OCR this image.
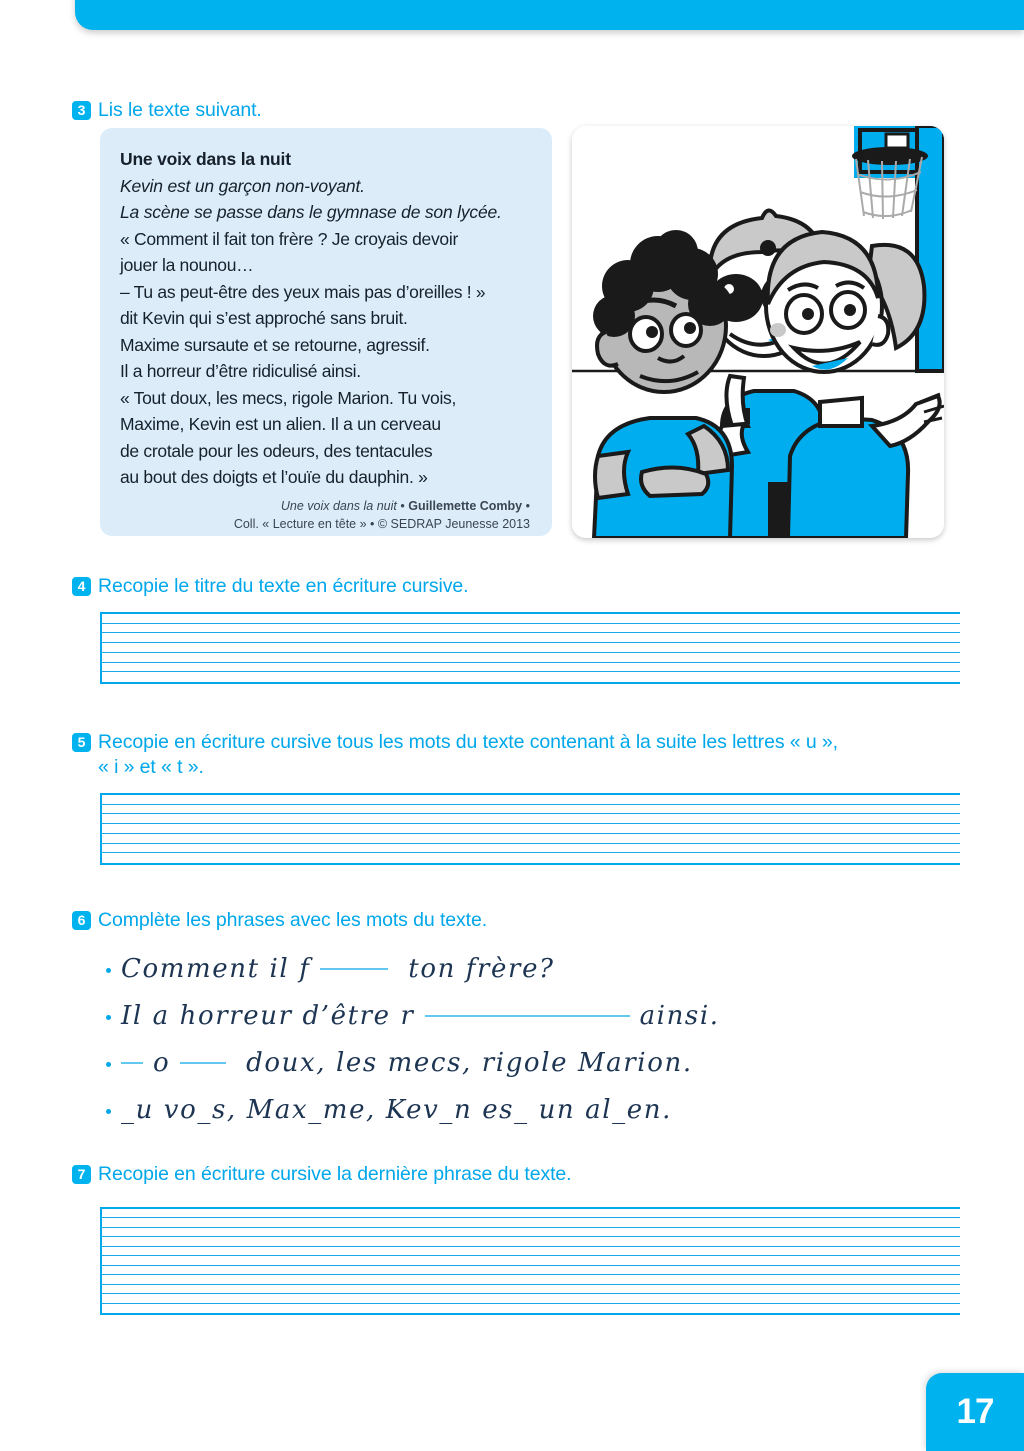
3 Lis le texte suivant.
Une voix dans la nuit
Kevin est un garçon non-voyant.
La scène se passe dans le gymnase de son lycée.
« Comment il fait ton frère ? Je croyais devoir
jouer la nounou…
– Tu as peut-être des yeux mais pas d’oreilles ! »
dit Kevin qui s’est approché sans bruit.
Maxime sursaute et se retourne, agressif.
Il a horreur d’être ridiculisé ainsi.
« Tout doux, les mecs, rigole Marion. Tu vois,
Maxime, Kevin est un alien. Il a un cerveau
de crotale pour les odeurs, des tentacules
au bout des doigts et l’ouïe du dauphin. »
Une voix dans la nuit • Guillemette Comby •
Coll. « Lecture en tête » • © SEDRAP Jeunesse 2013
4 Recopie le titre du texte en écriture cursive.
5 Recopie en écriture cursive tous les mots du texte contenant à la suite les lettres « u »,
« i » et « t ».
6 Complète les phrases avec les mots du texte.
Comment il f	ton frère?
Il a horreur d’être r	ainsi.
o	doux, les mecs, rigole Marion.
_u vo_s, Max_me, Kev_n es_ un al_en.
7 Recopie en écriture cursive la dernière phrase du texte.
17
